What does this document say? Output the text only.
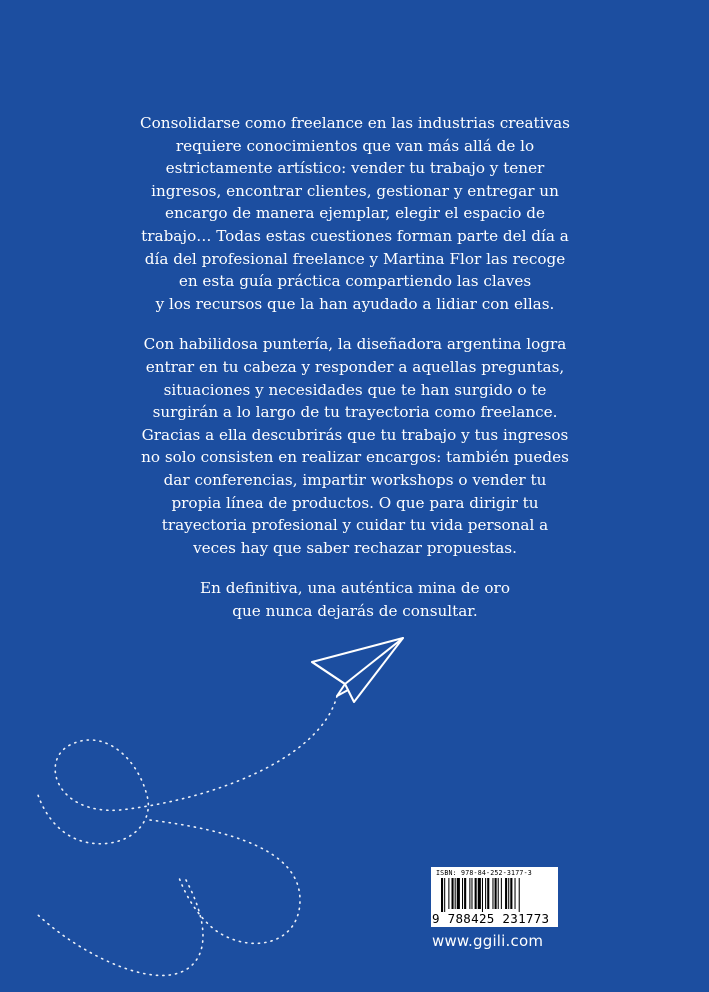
Consolidarse como freelance en las industrias creativas
requiere conocimientos que van más allá de lo
estrictamente artístico: vender tu trabajo y tener
ingresos, encontrar clientes, gestionar y entregar un
encargo de manera ejemplar, elegir el espacio de
trabajo… Todas estas cuestiones forman parte del día a
día del profesional freelance y Martina Flor las recoge
en esta guía práctica compartiendo las claves
y los recursos que la han ayudado a lidiar con ellas.

Con habilidosa puntería, la diseñadora argentina logra
entrar en tu cabeza y responder a aquellas preguntas,
situaciones y necesidades que te han surgido o te
surgirán a lo largo de tu trayectoria como freelance.
Gracias a ella descubrirás que tu trabajo y tus ingresos
no solo consisten en realizar encargos: también puedes
dar conferencias, impartir workshops o vender tu
propia línea de productos. O que para dirigir tu
trayectoria profesional y cuidar tu vida personal a
veces hay que saber rechazar propuestas.

En definitiva, una auténtica mina de oro
que nunca dejarás de consultar.

ISBN: 978-84-252-3177-3
9 788425 231773
www.ggili.com
